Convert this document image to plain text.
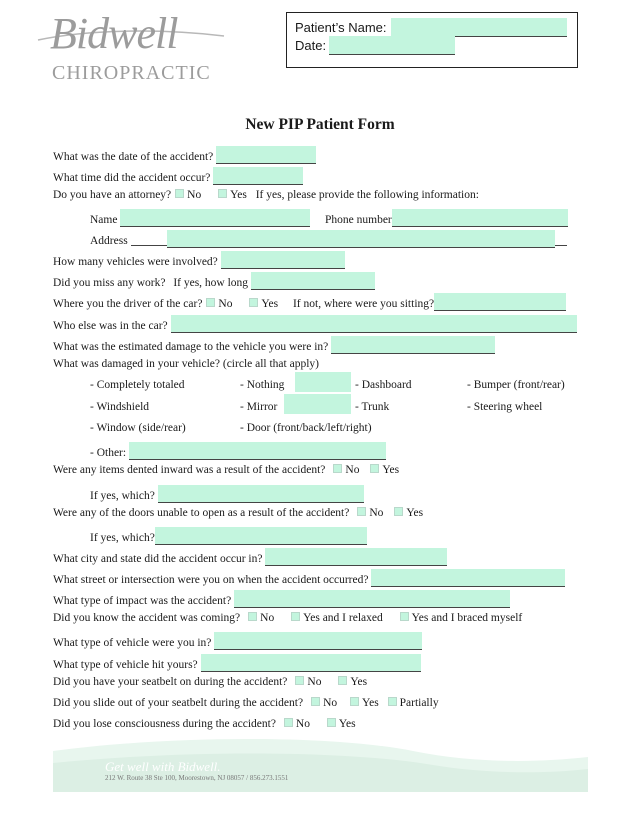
Bidwell
CHIROPRACTIC
Patient’s Name:
Date:
New PIP Patient Form
What was the date of the accident?
What time did the accident occur?
Do you have an attorney? No	Yes If yes, please provide the following information:
Name	Phone number
Address
How many vehicles were involved?
Did you miss any work? If yes, how long
Where you the driver of the car? No	Yes If not, where were you sitting?
Who else was in the car?
What was the estimated damage to the vehicle you were in?
What was damaged in your vehicle? (circle all that apply)
- Completely totaled	- Nothing	- Dashboard	- Bumper (front/rear)
- Windshield	- Mirror	- Trunk	- Steering wheel
- Window (side/rear)	- Door (front/back/left/right)
- Other:
Were any items dented inward was a result of the accident? No Yes
If yes, which?
Were any of the doors unable to open as a result of the accident? No Yes
If yes, which?
What city and state did the accident occur in?
What street or intersection were you on when the accident occurred?
What type of impact was the accident?
Did you know the accident was coming? No	Yes and I relaxed	Yes and I braced myself
What type of vehicle were you in?
What type of vehicle hit yours?
Did you have your seatbelt on during the accident? No	Yes
Did you slide out of your seatbelt during the accident? No Yes Partially
Did you lose consciousness during the accident? No	Yes
Get well with Bidwell.
212 W. Route 38 Ste 100, Moorestown, NJ 08057 / 856.273.1551
